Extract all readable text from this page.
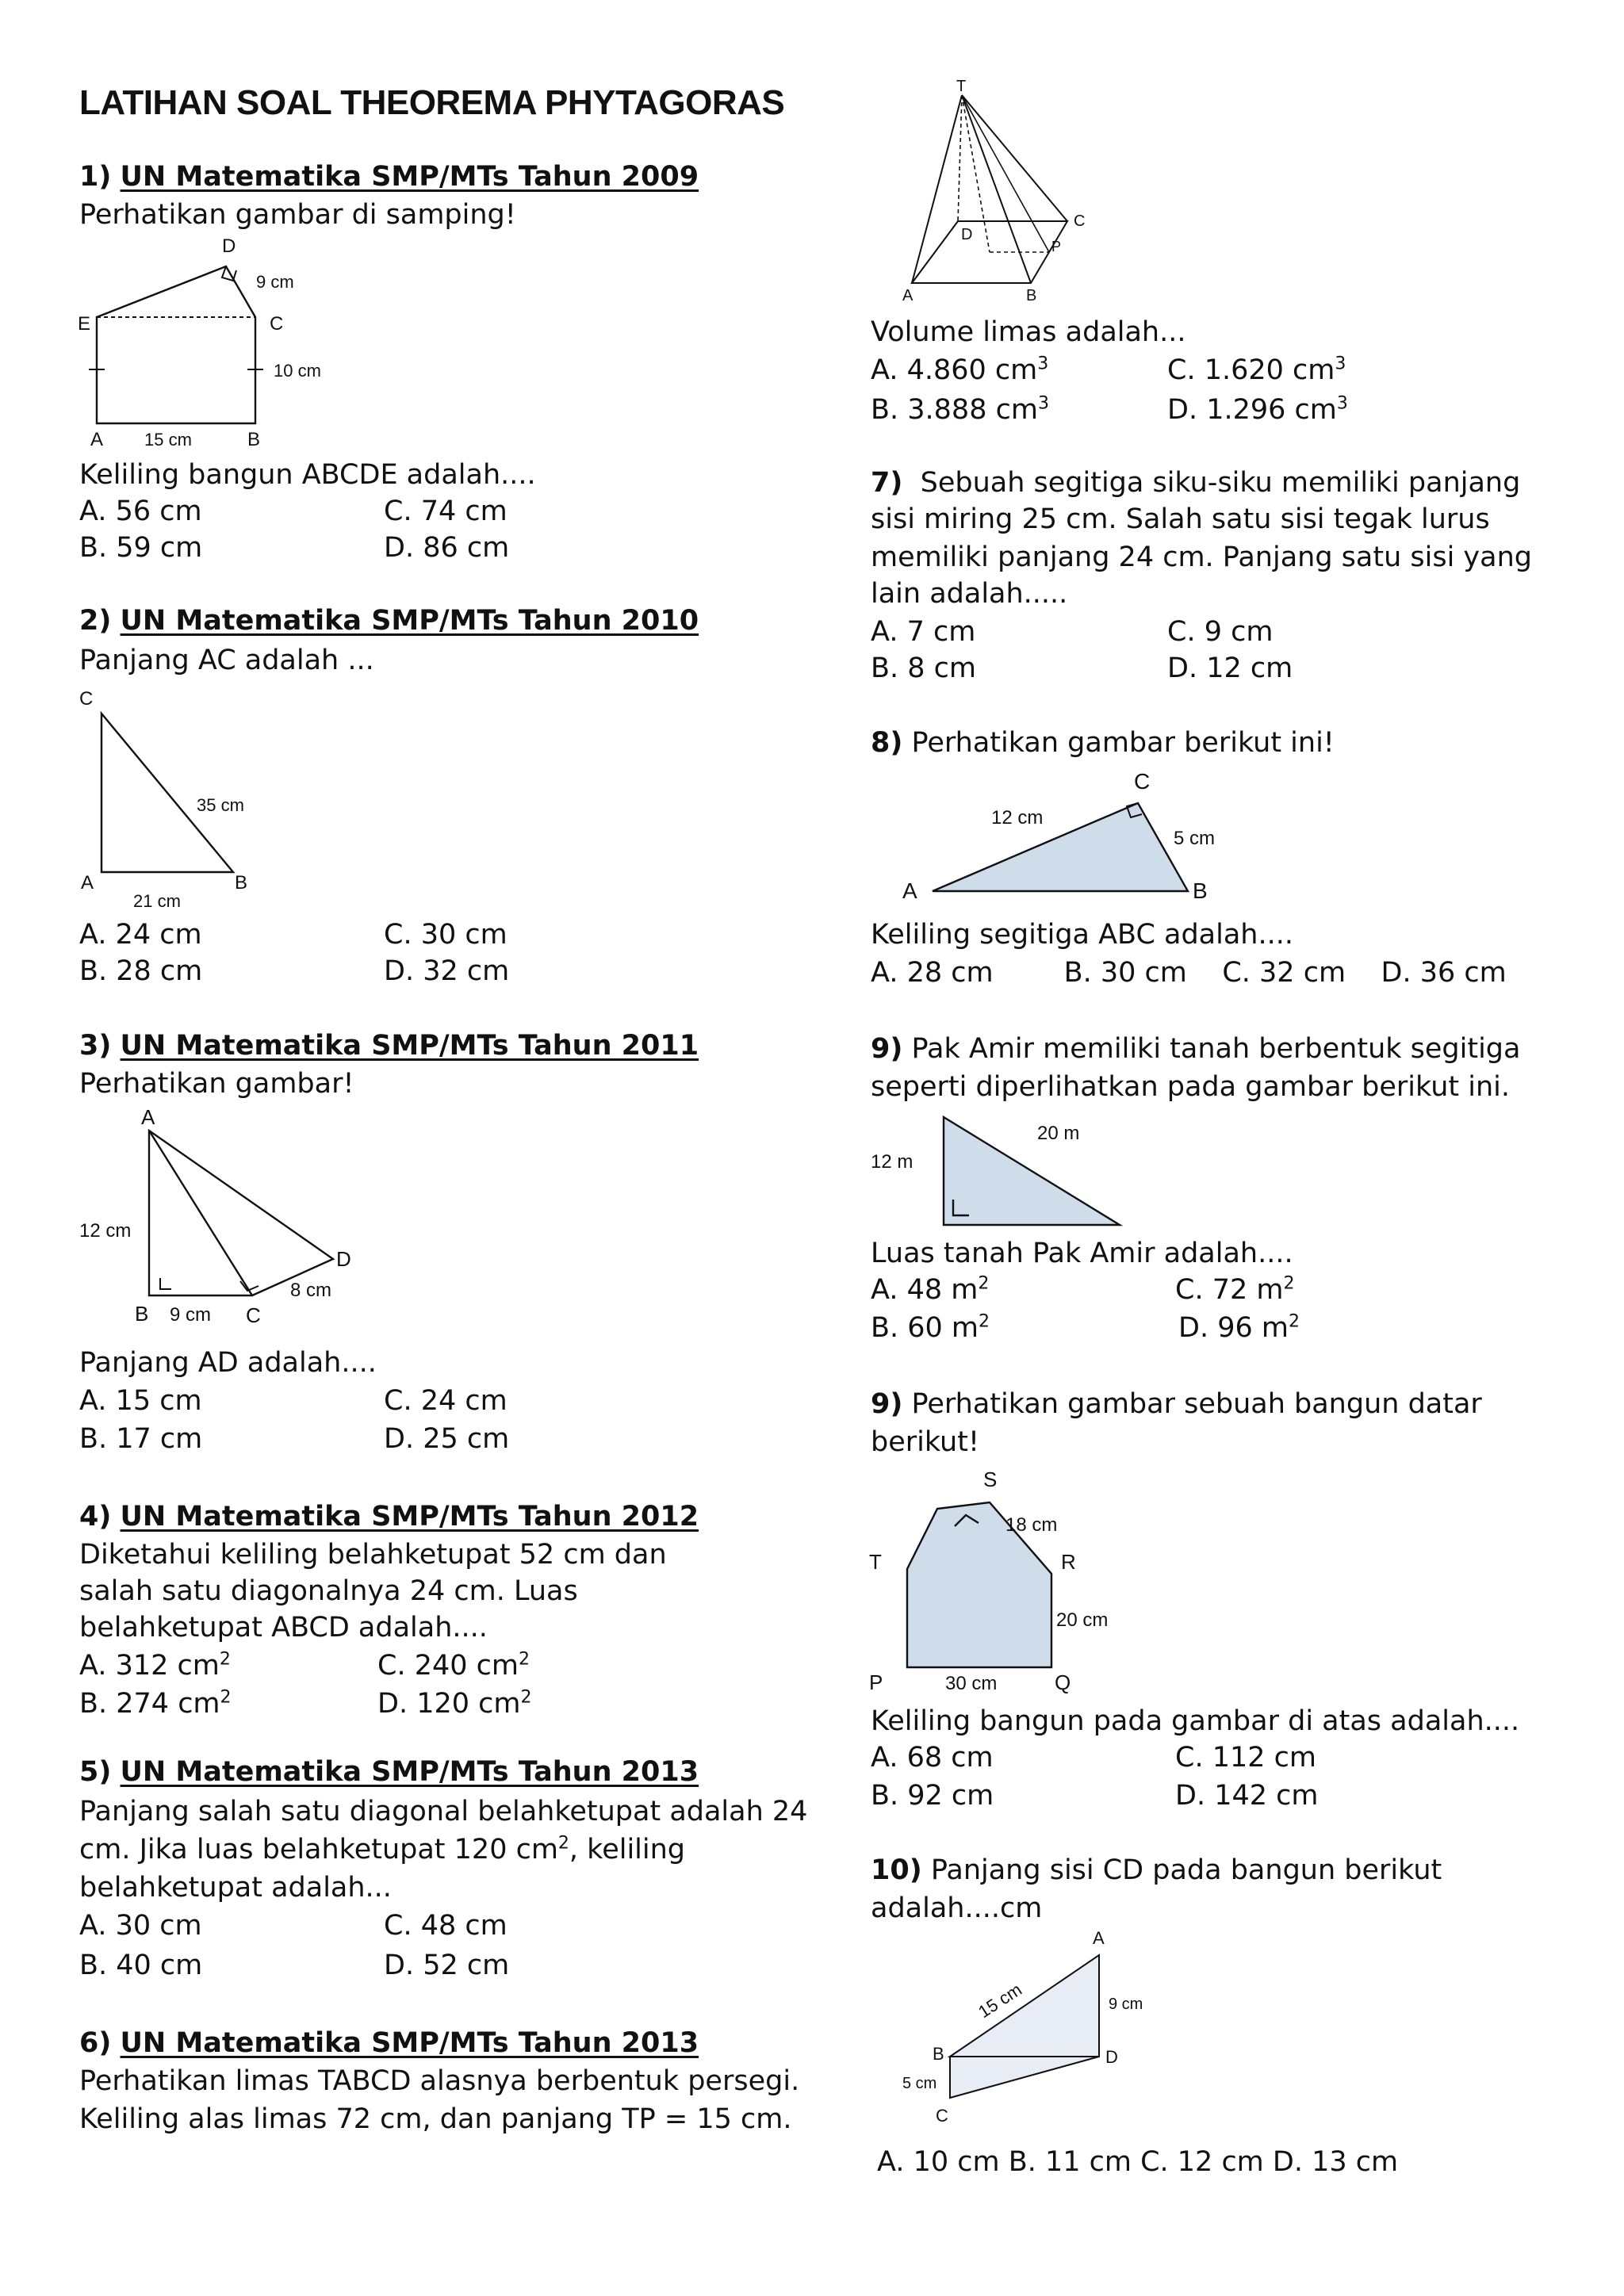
LATIHAN SOAL THEOREMA PHYTAGORAS
1) UN Matematika SMP/MTs Tahun 2009
Perhatikan gambar di samping!
D
9 cm
E	C
10 cm
A 15 cm	B
Keliling bangun ABCDE adalah....
A. 56 cm	C. 74 cm
B. 59 cm	D. 86 cm
2) UN Matematika SMP/MTs Tahun 2010
Panjang AC adalah ...
C
35 cm
A	B
21 cm
A. 24 cm	C. 30 cm
B. 28 cm	D. 32 cm
3) UN Matematika SMP/MTs Tahun 2011
Perhatikan gambar!
A
12 cm
D
8 cm
B 9 cm C
Panjang AD adalah....
A. 15 cm	C. 24 cm
B. 17 cm	D. 25 cm
4) UN Matematika SMP/MTs Tahun 2012
Diketahui keliling belahketupat 52 cm dan
salah satu diagonalnya 24 cm. Luas
belahketupat ABCD adalah....
A. 312 $cm^2$	C. 240 $cm^2$
B. 274 $cm^2$	D. 120 $cm^2$
5) UN Matematika SMP/MTs Tahun 2013
Panjang salah satu diagonal belahketupat adalah 24
cm. Jika luas belahketupat 120 $cm^2$, keliling
belahketupat adalah...
A. 30 cm	C. 48 cm
B. 40 cm	D. 52 cm
6) UN Matematika SMP/MTs Tahun 2013
Perhatikan limas TABCD alasnya berbentuk persegi.
Keliling alas limas 72 cm, dan panjang TP = 15 cm.
T
D
C
P
A	B
Volume limas adalah...
A. 4.860 $cm^3$	C. 1.620 $cm^3$
B. 3.888 $cm^3$	D. 1.296 $cm^3$
7) Sebuah segitiga siku-siku memiliki panjang
sisi miring 25 cm. Salah satu sisi tegak lurus
memiliki panjang 24 cm. Panjang satu sisi yang
lain adalah.....
A. 7 cm	C. 9 cm
B. 8 cm	D. 12 cm
8) Perhatikan gambar berikut ini!
C
12 cm
5 cm
A	B
Keliling segitiga ABC adalah....
A. 28 cm        B. 30 cm    C. 32 cm    D. 36 cm
9) Pak Amir memiliki tanah berbentuk segitiga
seperti diperlihatkan pada gambar berikut ini.
12 m
20 m
Luas tanah Pak Amir adalah....
A. 48 $m^2$	C. 72 $m^2$
B. 60 $m^2$	D. 96 $m^2$
9) Perhatikan gambar sebuah bangun datar
berikut!
S
18 cm
T	R
20 cm
P	30 cm	Q
Keliling bangun pada gambar di atas adalah....
A. 68 cm	C. 112 cm
B. 92 cm	D. 142 cm
10) Panjang sisi CD pada bangun berikut
adalah....cm
A
15 cm	9 cm
B	D
5 cm
C
A. 10 cm B. 11 cm C. 12 cm D. 13 cm
